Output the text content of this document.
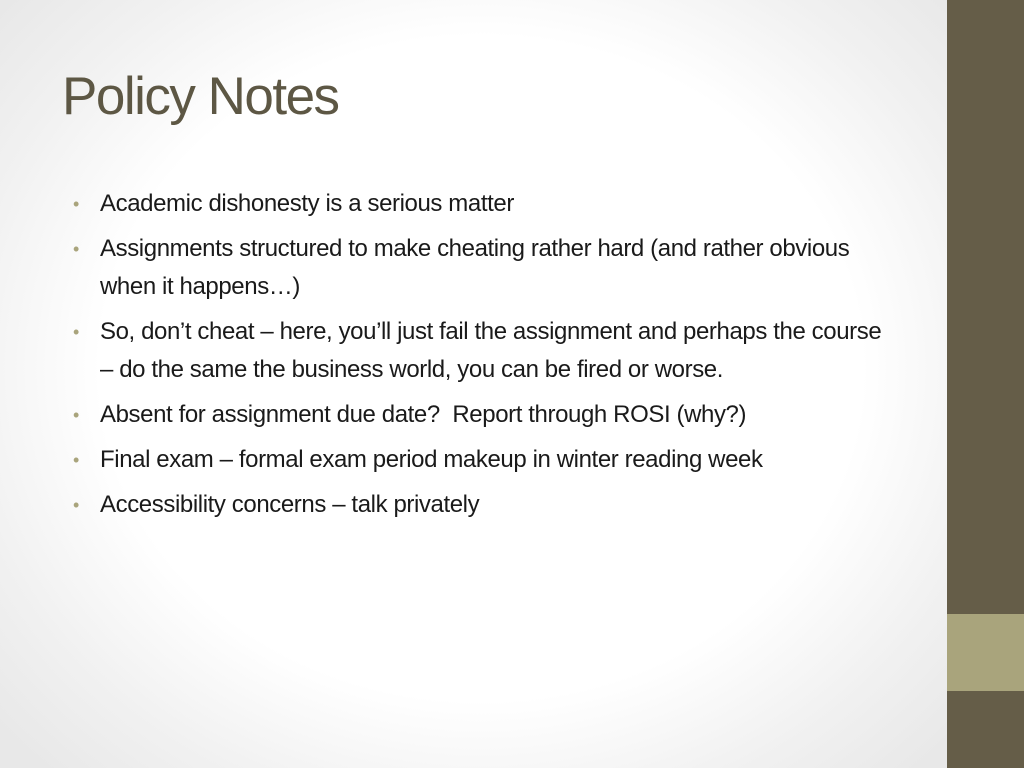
Policy Notes
• Academic dishonesty is a serious matter
• Assignments structured to make cheating rather hard (and rather obvious when it happens…)
• So, don’t cheat – here, you’ll just fail the assignment and perhaps the course – do the same the business world, you can be fired or worse.
• Absent for assignment due date?  Report through ROSI (why?)
• Final exam – formal exam period makeup in winter reading week
• Accessibility concerns – talk privately
